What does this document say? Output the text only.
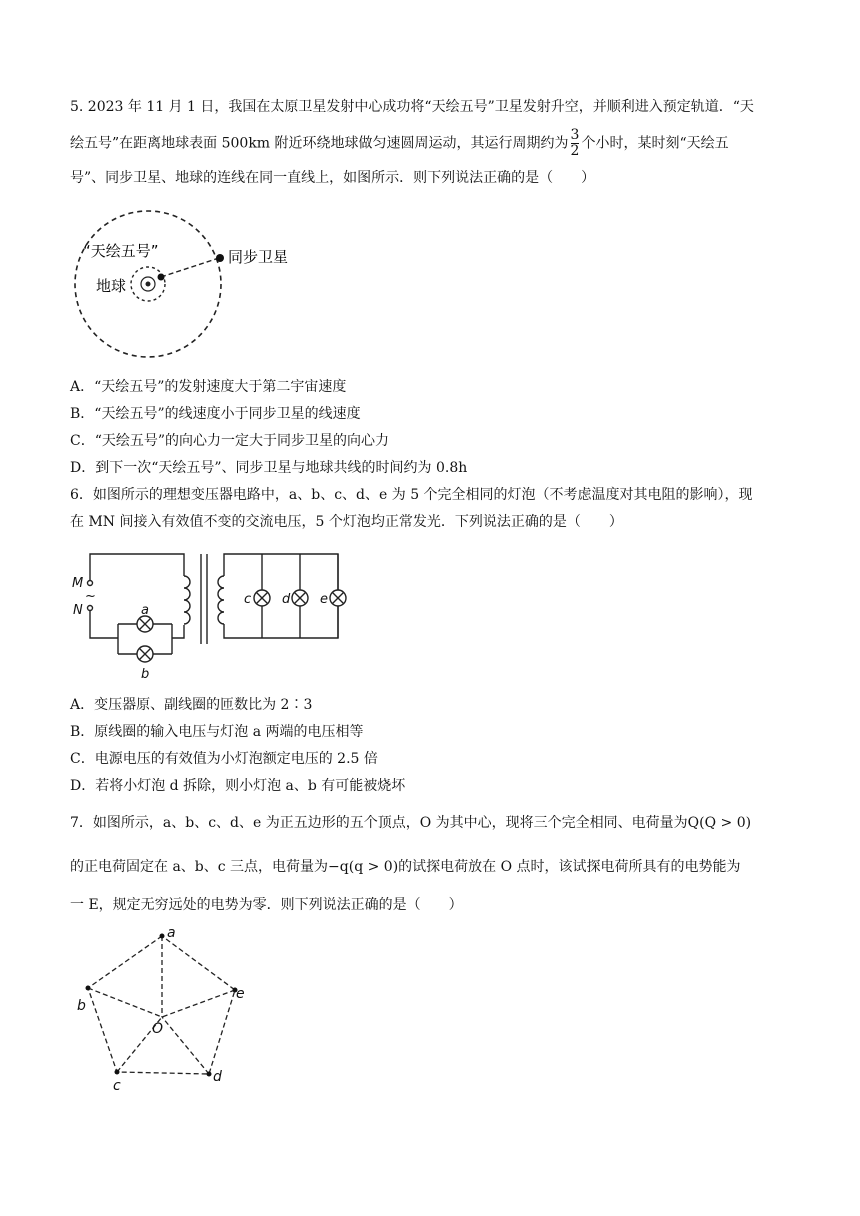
5. 2023 年 11 月 1 日，我国在太原卫星发射中心成功将“天绘五号”卫星发射升空，并顺利进入预定轨道．“天
绘五号”在距离地球表面 500km 附近环绕地球做匀速圆周运动，其运行周期约为 $\frac{3}{2}$ 个小时，某时刻“天绘五
号”、同步卫星、地球的连线在同一直线上，如图所示．则下列说法正确的是（　　）
“天绘五号”	同步卫星
地球
A．“天绘五号”的发射速度大于第二宇宙速度
B．“天绘五号”的线速度小于同步卫星的线速度
C．“天绘五号”的向心力一定大于同步卫星的向心力
D．到下一次“天绘五号”、同步卫星与地球共线的时间约为 0.8h
6．如图所示的理想变压器电路中，a、b、c、d、e 为 5 个完全相同的灯泡（不考虑温度对其电阻的影响），现
在 MN 间接入有效值不变的交流电压，5 个灯泡均正常发光．下列说法正确的是（　　）
M
~
N	a
b
c d e
A．变压器原、副线圈的匝数比为 2∶3
B．原线圈的输入电压与灯泡 a 两端的电压相等
C．电源电压的有效值为小灯泡额定电压的 2.5 倍
D．若将小灯泡 d 拆除，则小灯泡 a、b 有可能被烧坏
7．如图所示，a、b、c、d、e 为正五边形的五个顶点，O 为其中心，现将三个完全相同、电荷量为Q(Q > 0)
的正电荷固定在 a、b、c 三点，电荷量为−q(q > 0)的试探电荷放在 O 点时，该试探电荷所具有的电势能为
一 E，规定无穷远处的电势为零．则下列说法正确的是（　　）
a
b
c
d
e
O
